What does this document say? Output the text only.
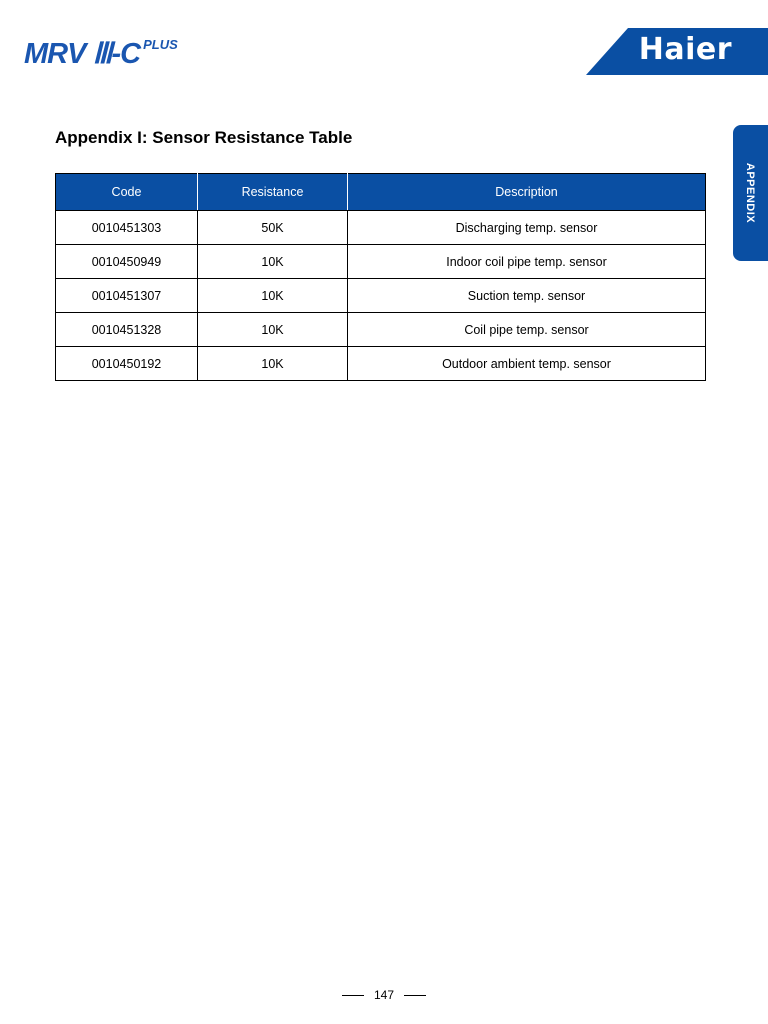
MRV Ⅲ-C $^{PLUS}$	Haier
APPENDIX
Appendix I: Sensor Resistance Table
Code	Resistance	Description
0010451303	50K	Discharging temp. sensor
0010450949	10K	Indoor coil pipe temp. sensor
0010451307	10K	Suction temp. sensor
0010451328	10K	Coil pipe temp. sensor
0010450192	10K	Outdoor ambient temp. sensor
147
